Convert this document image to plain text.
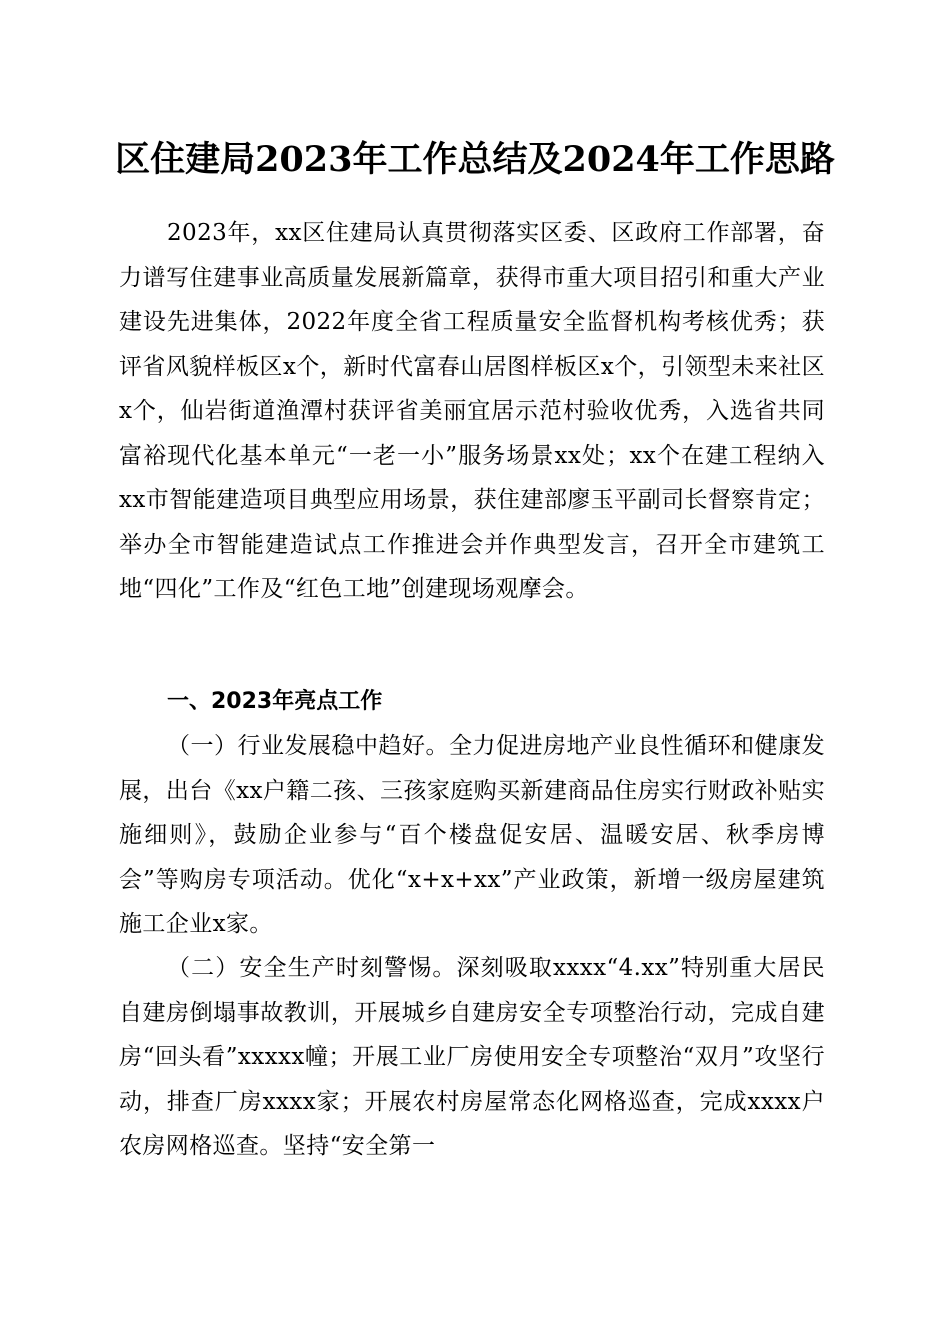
区住建局2023年工作总结及2024年工作思路
2023年，xx区住建局认真贯彻落实区委、区政府工作部署，奋力谱写住建事业高质量发展新篇章，获得市重大项目招引和重大产业建设先进集体，2022年度全省工程质量安全监督机构考核优秀；获评省风貌样板区x个，新时代富春山居图样板区x个，引领型未来社区x个，仙岩街道渔潭村获评省美丽宜居示范村验收优秀，入选省共同富裕现代化基本单元“一老一小”服务场景xx处；xx个在建工程纳入xx市智能建造项目典型应用场景，获住建部廖玉平副司长督察肯定；举办全市智能建造试点工作推进会并作典型发言，召开全市建筑工地“四化”工作及“红色工地”创建现场观摩会。
一、2023年亮点工作
（一）行业发展稳中趋好。全力促进房地产业良性循环和健康发展，出台《xx户籍二孩、三孩家庭购买新建商品住房实行财政补贴实施细则》，鼓励企业参与“百个楼盘促安居、温暖安居、秋季房博会”等购房专项活动。优化“x+x+xx”产业政策，新增一级房屋建筑施工企业x家。
（二）安全生产时刻警惕。深刻吸取xxxx“4.xx”特别重大居民自建房倒塌事故教训，开展城乡自建房安全专项整治行动，完成自建房“回头看”xxxxx幢；开展工业厂房使用安全专项整治“双月”攻坚行动，排查厂房xxxx家；开展农村房屋常态化网格巡查，完成xxxx户农房网格巡查。坚持“安全第一
